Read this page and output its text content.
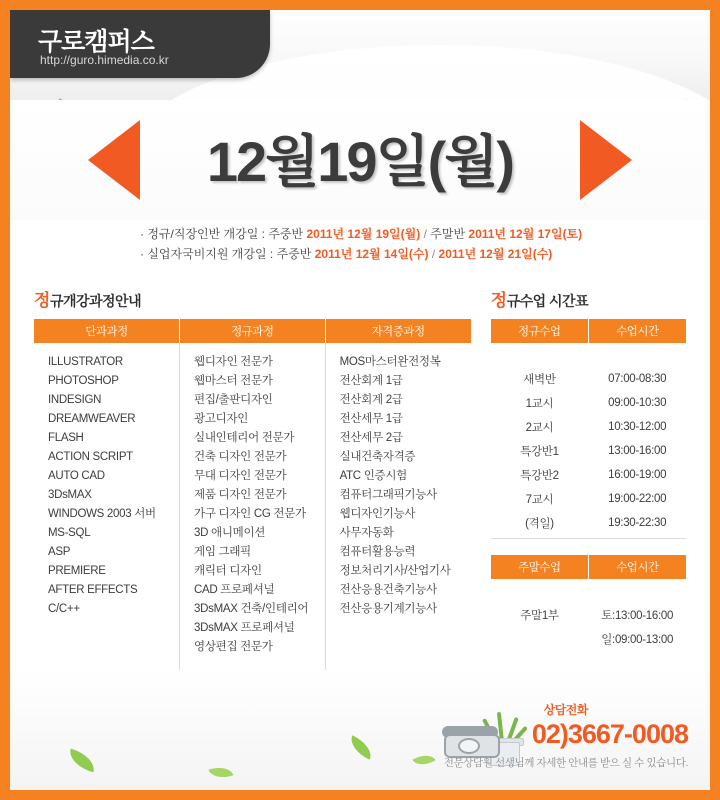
구로캠퍼스
http://guro.himedia.co.kr
12월19일(월)
· 정규/직장인반 개강일 : 주중반 2011년 12월 19일(월) / 주말반 2011년 12월 17일(토)
· 실업자국비지원 개강일 : 주중반 2011년 12월 14일(수) / 2011년 12월 21일(수)
정규개강과정안내
단과과정	정규과정	자격증과정

ILLUSTRATOR
PHOTOSHOP
INDESIGN
DREAMWEAVER
FLASH
ACTION SCRIPT
AUTO CAD
3DsMAX
WINDOWS 2003 서버
MS-SQL
ASP
PREMIERE
AFTER EFFECTS
C/C++

웹디자인 전문가
웹마스터 전문가
편집/출판디자인
광고디자인
실내인테리어 전문가
건축 디자인 전문가
무대 디자인 전문가
제품 디자인 전문가
가구 디자인 CG 전문가
3D 애니메이션
게임 그래픽
캐릭터 디자인
CAD 프로페셔널
3DsMAX 건축/인테리어
3DsMAX 프로페셔널
영상편집 전문가

MOS마스터완전정복
전산회계 1급
전산회계 2급
전산세무 1급
전산세무 2급
실내건축자격증
ATC 인증시험
컴퓨터그래픽기능사
웹디자인기능사
사무자동화
컴퓨터활용능력
정보처리기사/산업기사
전산응용건축기능사
전산응용기계기능사
정규수업 시간표
정규수업	수업시간

새벽반	07:00-08:30
1교시	09:00-10:30
2교시	10:30-12:00
특강반1	13:00-16:00
특강반2	16:00-19:00
7교시	19:00-22:00
(격일)	19:30-22:30
주말수업	수업시간

주말1부	토:13:00-16:00
	일:09:00-13:00

상담전화
02)3667-0008
전문상담원 선생님께 자세한 안내를 받으 실 수 있습니다.
